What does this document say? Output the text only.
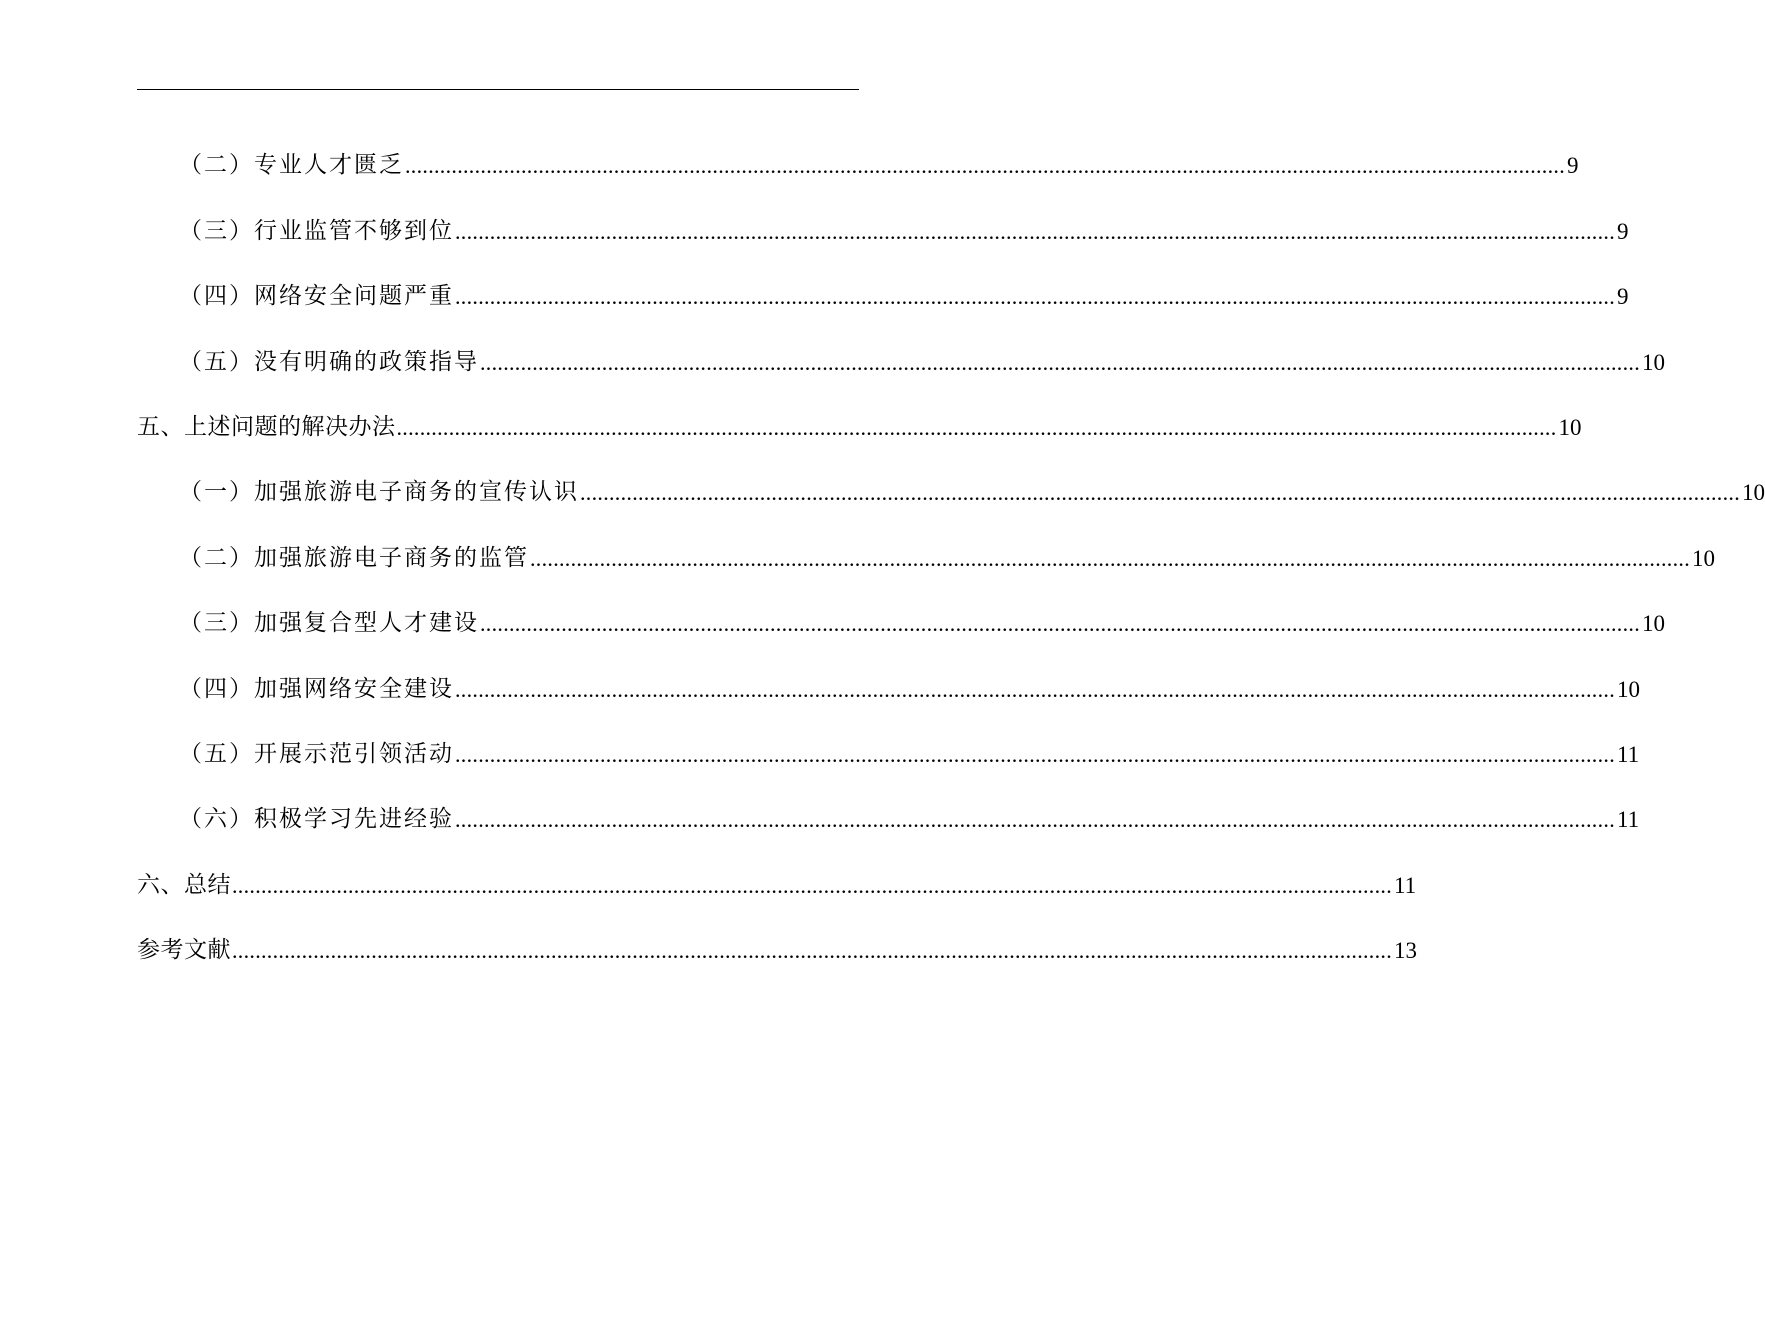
（二）专业人才匮乏 ........................................................................................................................................................................................................ 9
（三）行业监管不够到位 ........................................................................................................................................................................................................ 9
（四）网络安全问题严重 ........................................................................................................................................................................................................ 9
（五）没有明确的政策指导 ........................................................................................................................................................................................................ 10
五、上述问题的解决办法 ........................................................................................................................................................................................................ 10
（一）加强旅游电子商务的宣传认识 ........................................................................................................................................................................................................ 10
（二）加强旅游电子商务的监管 ........................................................................................................................................................................................................ 10
（三）加强复合型人才建设 ........................................................................................................................................................................................................ 10
（四）加强网络安全建设 ........................................................................................................................................................................................................ 10
（五）开展示范引领活动 ........................................................................................................................................................................................................ 11
（六）积极学习先进经验 ........................................................................................................................................................................................................ 11
六、总结 ........................................................................................................................................................................................................ 11
参考文献 ........................................................................................................................................................................................................ 13
